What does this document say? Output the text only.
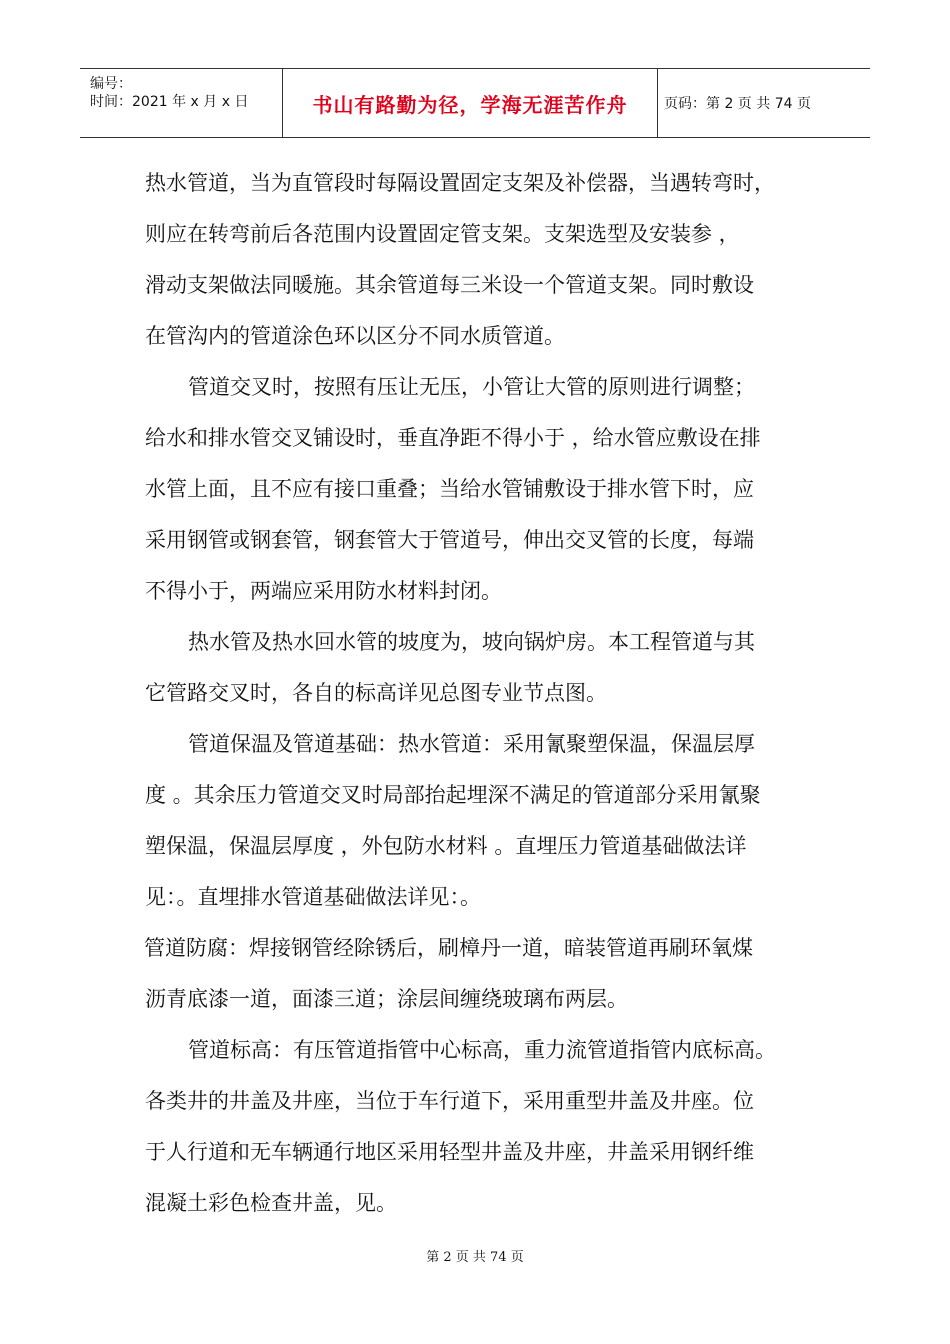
编号：
时间：2021 年 x 月 x 日	书山有路勤为径，学海无涯苦作舟	页码：第 2 页 共 74 页
热水管道，当为直管段时每隔设置固定支架及补偿器，当遇转弯时，
则应在转弯前后各范围内设置固定管支架。支架选型及安装参 ，
滑动支架做法同暖施。其余管道每三米设一个管道支架。同时敷设
在管沟内的管道涂色环以区分不同水质管道。
管道交叉时，按照有压让无压，小管让大管的原则进行调整；
给水和排水管交叉铺设时，垂直净距不得小于 ，给水管应敷设在排
水管上面，且不应有接口重叠；当给水管铺敷设于排水管下时，应
采用钢管或钢套管，钢套管大于管道号，伸出交叉管的长度，每端
不得小于，两端应采用防水材料封闭。
热水管及热水回水管的坡度为，坡向锅炉房。本工程管道与其
它管路交叉时，各自的标高详见总图专业节点图。
管道保温及管道基础：热水管道：采用氰聚塑保温，保温层厚
度 。其余压力管道交叉时局部抬起埋深不满足的管道部分采用氰聚
塑保温，保温层厚度 ，外包防水材料 。直埋压力管道基础做法详
见：。直埋排水管道基础做法详见：。
管道防腐：焊接钢管经除锈后，刷樟丹一道，暗装管道再刷环氧煤
沥青底漆一道，面漆三道；涂层间缠绕玻璃布两层。
管道标高：有压管道指管中心标高，重力流管道指管内底标高。
各类井的井盖及井座，当位于车行道下，采用重型井盖及井座。位
于人行道和无车辆通行地区采用轻型井盖及井座，井盖采用钢纤维
混凝土彩色检查井盖，见。
第 2 页 共 74 页
